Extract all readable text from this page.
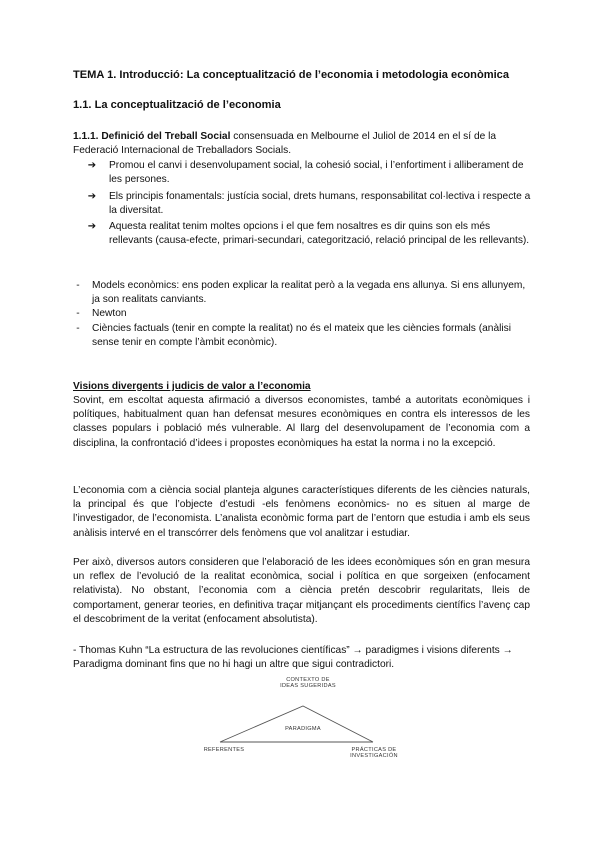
TEMA 1. Introducció: La conceptualització de l’economia i metodologia econòmica
1.1. La conceptualització de l’economia
1.1.1. Definició del Treball Social consensuada en Melbourne el Juliol de 2014 en el sí de la Federació Internacional de Treballadors Socials.
➔	Promou el canvi i desenvolupament social, la cohesió social, i l’enfortiment i alliberament de les persones.
➔	Els principis fonamentals: justícia social, drets humans, responsabilitat col·lectiva i respecte a la diversitat.
➔	Aquesta realitat tenim moltes opcions i el que fem nosaltres es dir quins son els més rellevants (causa-efecte, primari-secundari, categorització, relació principal de les rellevants).
-	Models econòmics: ens poden explicar la realitat però a la vegada ens allunya. Si ens allunyem, ja son realitats canviants.
-	Newton
-	Ciències factuals (tenir en compte la realitat) no és el mateix que les ciències formals (anàlisi sense tenir en compte l’àmbit econòmic).
Visions divergents i judicis de valor a l’economia
Sovint, em escoltat aquesta afirmació a diversos economistes, també a autoritats econòmiques i polítiques, habitualment quan han defensat mesures econòmiques en contra els interessos de les classes populars i població més vulnerable. Al llarg del desenvolupament de l’economia com a disciplina, la confrontació d’idees i propostes econòmiques ha estat la norma i no la excepció.
L’economia com a ciència social planteja algunes característiques diferents de les ciències naturals, la principal és que l’objecte d’estudi -els fenòmens econòmics- no es situen al marge de l’investigador, de l’economista. L’analista econòmic forma part de l’entorn que estudia i amb els seus anàlisis intervé en el transcórrer dels fenòmens que vol analitzar i estudiar.
Per això, diversos autors consideren que l’elaboració de les idees econòmiques són en gran mesura un reflex de l’evolució de la realitat econòmica, social i política en que sorgeixen (enfocament relativista). No obstant, l’economia com a ciència pretén descobrir regularitats, lleis de comportament, generar teories, en definitiva traçar mitjançant els procediments científics l’avenç cap el descobriment de la veritat (enfocament absolutista).
- Thomas Kuhn “La estructura de las revoluciones científicas” → paradigmes i visions diferents → Paradigma dominant fins que no hi hagi un altre que sigui contradictori.
CONTEXTO DE
IDEAS SUGERIDAS
PARADIGMA
REFERENTES	PRÁCTICAS DE
INVESTIGACIÓN
